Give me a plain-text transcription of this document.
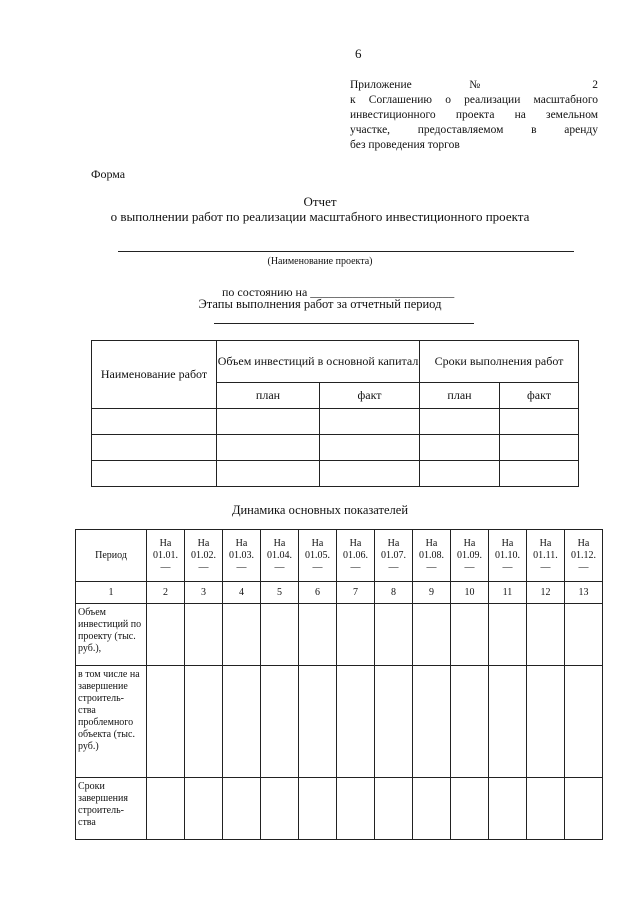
6
Приложение № 2
к Соглашению о реализации масштабного
инвестиционного проекта на земельном
участке, предоставляемом в аренду
без проведения торгов
Форма
Отчет
о выполнении работ по реализации масштабного инвестиционного проекта
(Наименование проекта)
по состоянию на ________________________
Этапы выполнения работ за отчетный период
Наименование работ	Объем инвестиций в основной капитал		Сроки выполнения работ	
	план	факт	план	факт

Динамика основных показателей
Период	На
01.01.
—	На
01.02.
—	На
01.03.
—	На
01.04.
—	На
01.05.
—	На
01.06.
—	На
01.07.
—	На
01.08.
—	На
01.09.
—	На
01.10.
—	На
01.11.
—	На
01.12.
—

1	2	3	4	5	6	7	8	9	10	11	12	13
Объем инвестиций по проекту (тыс. руб.),												
в том числе на завершение строитель- ства проблемного объекта (тыс. руб.)												
Сроки завершения строитель- ства												
